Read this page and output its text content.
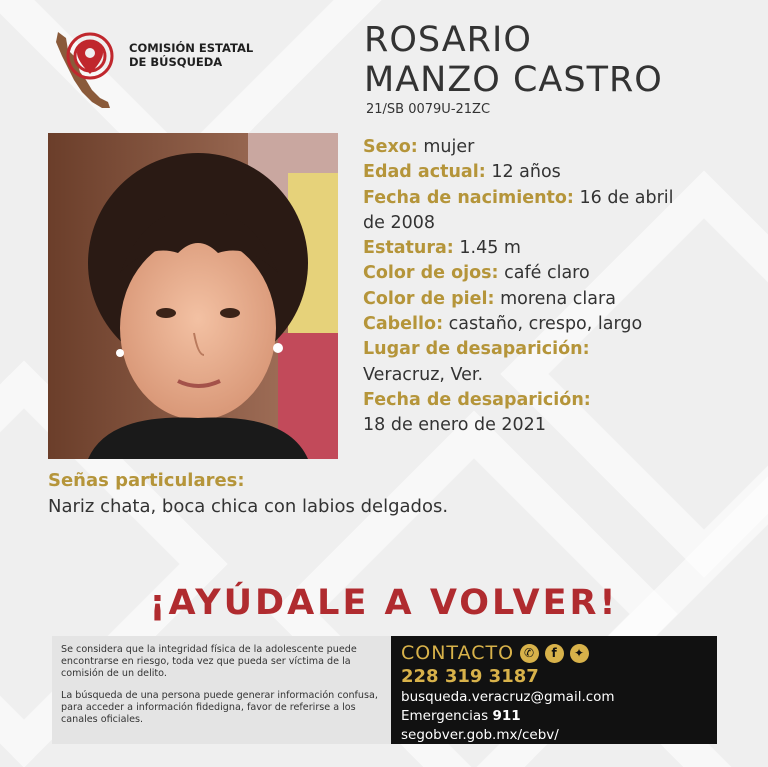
COMISIÓN ESTATAL
DE BÚSQUEDA
ROSARIO
MANZO CASTRO
21/SB 0079U-21ZC
Sexo: mujer
Edad actual: 12 años
Fecha de nacimiento: 16 de abril de 2008
Estatura: 1.45 m
Color de ojos: café claro
Color de piel: morena clara
Cabello: castaño, crespo, largo
Lugar de desaparición:
Veracruz, Ver.
Fecha de desaparición:
18 de enero de 2021
Señas particulares:
Nariz chata, boca chica con labios delgados.
¡AYÚDALE A VOLVER!

Se considera que la integridad física de la adolescente puede encontrarse en riesgo, toda vez que pueda ser víctima de la comisión de un delito.

La búsqueda de una persona puede generar información confusa, para acceder a información fidedigna, favor de referirse a los canales oficiales.

CONTACTO ✆	f	✦
228 319 3187
busqueda.veracruz@gmail.com
Emergencias 911
segobver.gob.mx/cebv/
